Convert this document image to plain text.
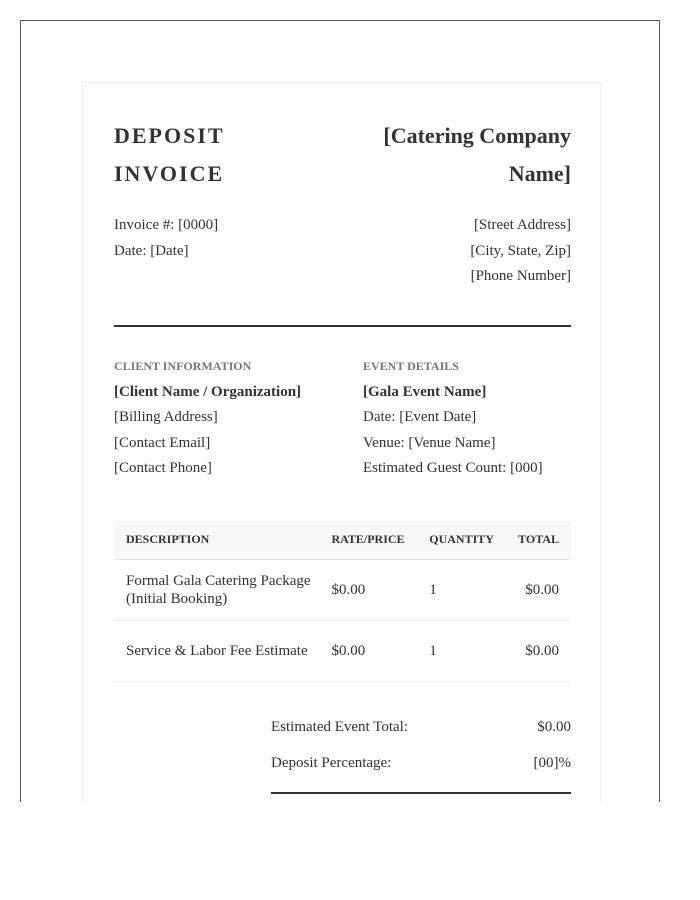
DEPOSIT
INVOICE
[Catering Company
Name]
Invoice #: [0000]
Date: [Date]
[Street Address]
[City, State, Zip]
[Phone Number]
CLIENT INFORMATION
[Client Name / Organization]
[Billing Address]
[Contact Email]
[Contact Phone]
EVENT DETAILS
[Gala Event Name]
Date: [Event Date]
Venue: [Venue Name]
Estimated Guest Count: [000]
DESCRIPTION	RATE/PRICE	QUANTITY	TOTAL
Formal Gala Catering Package (Initial Booking)	$0.00	1	$0.00
Service & Labor Fee Estimate	$0.00	1	$0.00
Estimated Event Total:	$0.00
Deposit Percentage:	[00]%
